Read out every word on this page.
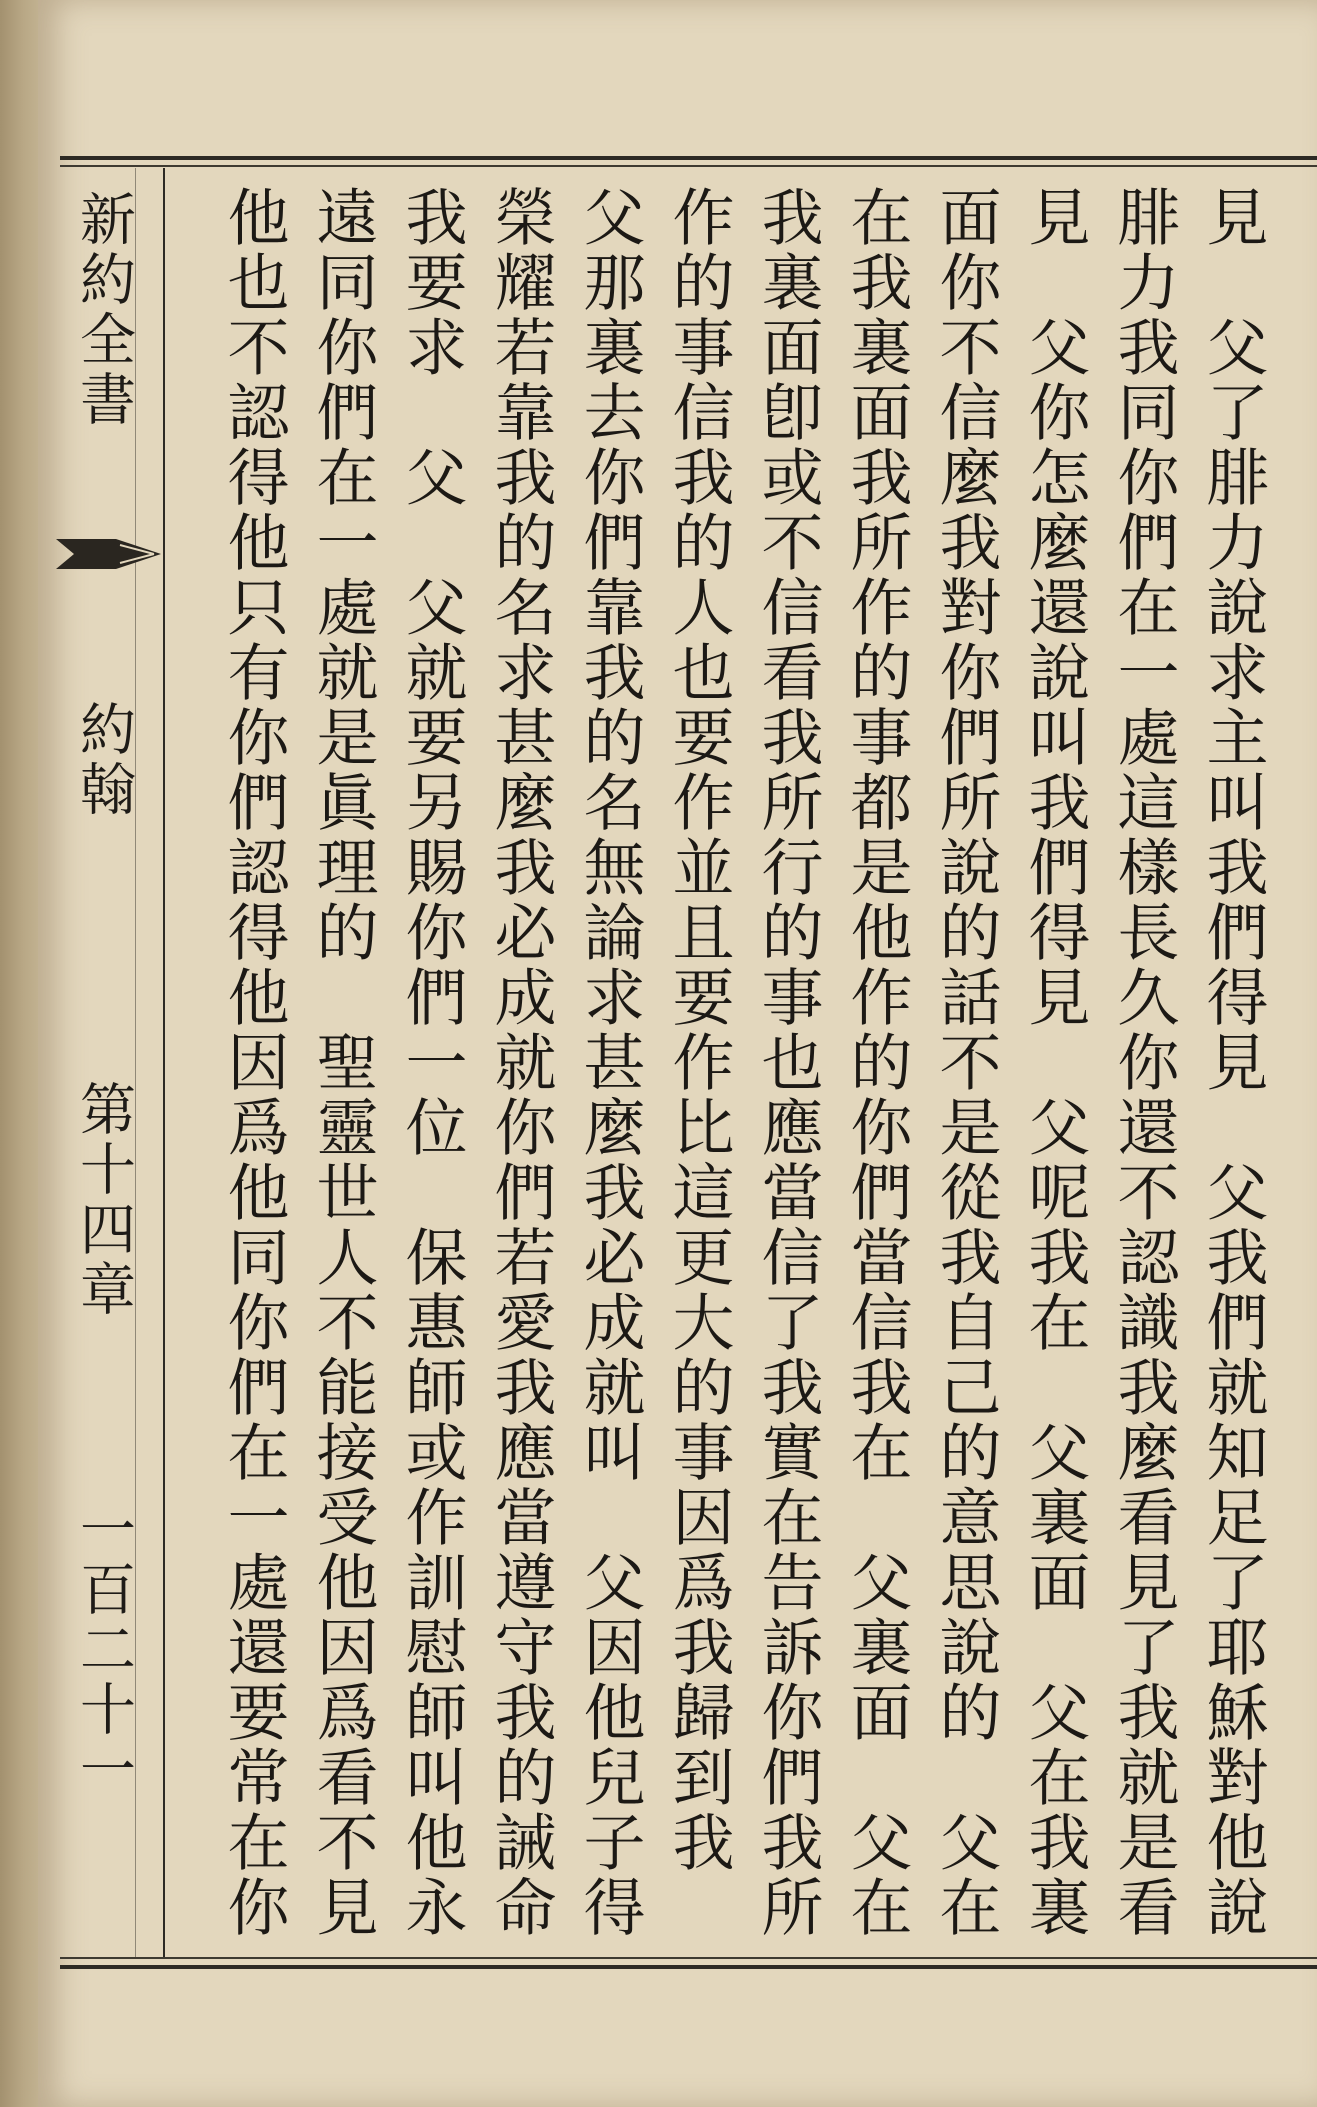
新約全書
約翰
第十四章
一百二十一
見　父了腓力說求主叫我們得見　父我們就知足了耶穌對他說腓力我同你們在一處這樣長久你還不認識我麼看見了我就是看見　父你怎麼還說叫我們得見　父呢我在　父裏面　父在我裏面你不信麼我對你們所說的話不是從我自己的意思說的　父在在我裏面我所作的事都是他作的你們當信我在　父裏面　父在我裏面卽或不信看我所行的事也應當信了我實在告訴你們我所作的事信我的人也要作並且要作比這更大的事因爲我歸到我　父那裏去你們靠我的名無論求甚麼我必成就叫　父因他兒子得榮耀若靠我的名求甚麼我必成就你們若愛我應當遵守我的誡命我要求　父　父就要另賜你們一位　保惠師或作訓慰師叫他永遠同你們在一處就是眞理的　聖靈世人不能接受他因爲看不見他也不認得他只有你們認得他因爲他同你們在一處還要常在你　
